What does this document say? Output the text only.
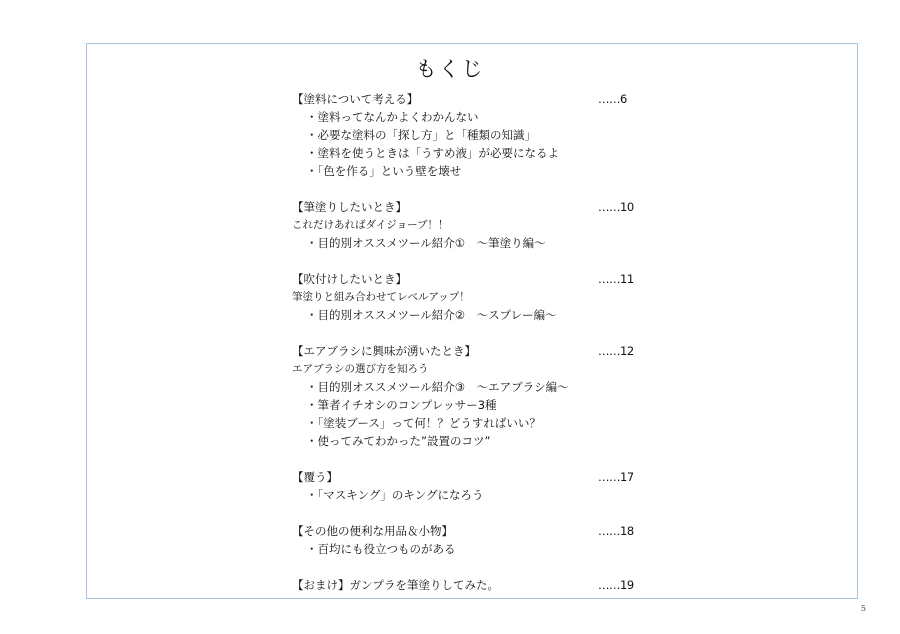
もくじ
【塗料について考える】	……6
・塗料ってなんかよくわかんない
・必要な塗料の「探し方」と「種類の知識」
・塗料を使うときは「うすめ液」が必要になるよ
・「色を作る」という壁を壊せ
【筆塗りしたいとき】	……10
これだけあればダイジョーブ！！
・目的別オススメツール紹介①　～筆塗り編～
【吹付けしたいとき】	……11
筆塗りと組み合わせてレベルアップ！
・目的別オススメツール紹介②　～スプレー編～
【エアブラシに興味が湧いたとき】	……12
エアブラシの選び方を知ろう
・目的別オススメツール紹介③　～エアブラシ編～
・筆者イチオシのコンプレッサー3種
・「塗装ブース」って何！？どうすればいい？
・使ってみてわかった”設置のコツ”
【覆う】	……17
・「マスキング」のキングになろう
【その他の便利な用品＆小物】	……18
・百均にも役立つものがある
【おまけ】ガンプラを筆塗りしてみた。	……19
5
